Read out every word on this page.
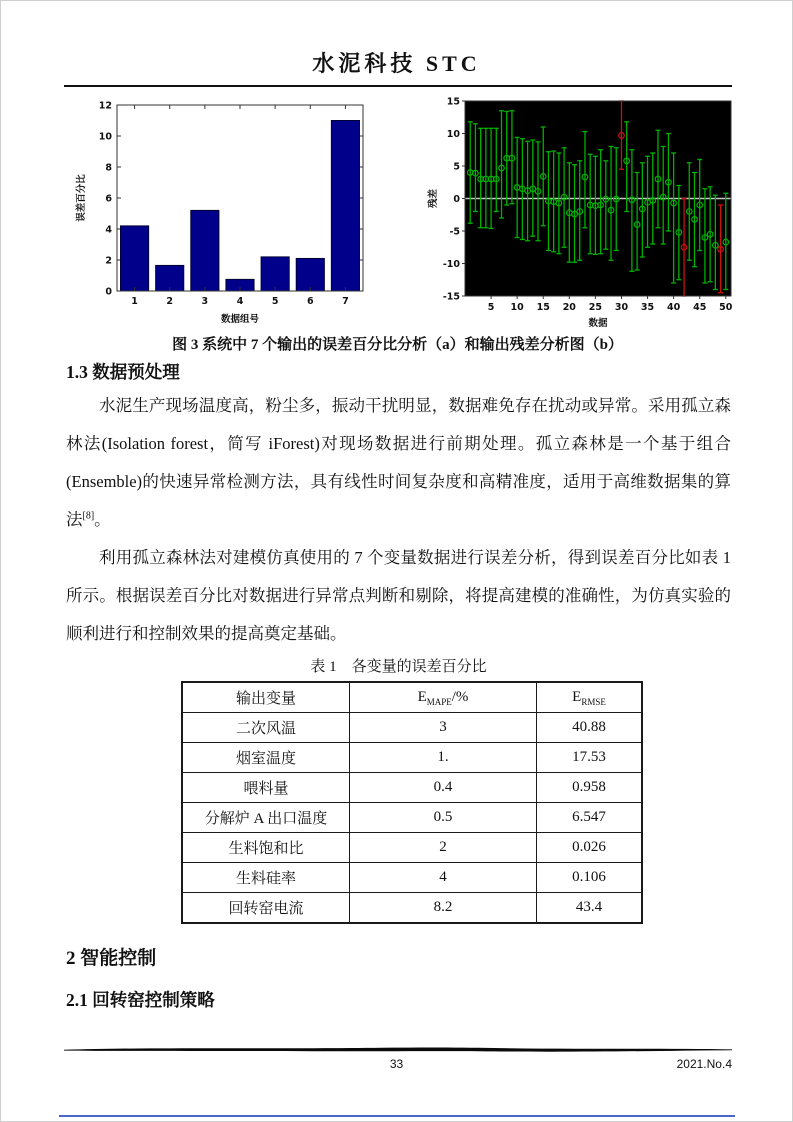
水泥科技 STC
0
2
4
6
8
10
12
1	2	3	4	5	6	7
误差百分比
数据组号
-15
-10
-5
0
5
10
15
5 10 15 20 25 30 35 40 45 50
残差
数据
图 3 系统中 7 个输出的误差百分比分析（a）和输出残差分析图（b）
1.3 数据预处理

水泥生产现场温度高，粉尘多，振动干扰明显，数据难免存在扰动或异常。采用孤立森林法(Isolation forest，简写 iForest)对现场数据进行前期处理。孤立森林是一个基于组合(Ensemble)的快速异常检测方法，具有线性时间复杂度和高精准度，适用于高维数据集的算法[8]。

利用孤立森林法对建模仿真使用的 7 个变量数据进行误差分析，得到误差百分比如表 1 所示。根据误差百分比对数据进行异常点判断和剔除，将提高建模的准确性，为仿真实验的顺利进行和控制效果的提高奠定基础。

表 1　各变量的误差百分比
输出变量	$E_{MAPE}/\%$	$E_{RMSE}$
二次风温	3	40.88
烟室温度	1.	17.53
喂料量	0.4	0.958
分解炉 A 出口温度	0.5	6.547
生料饱和比	2	0.026
生料硅率	4	0.106
回转窑电流	8.2	43.4
2 智能控制
2.1 回转窑控制策略
33	2021.No.4
